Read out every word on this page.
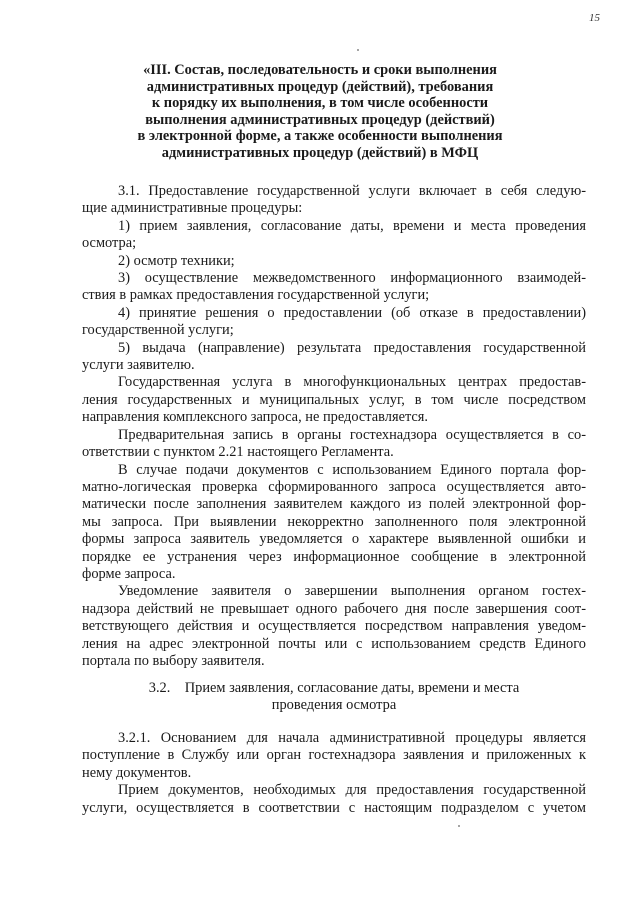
15
«III. Состав, последовательность и сроки выполнения
административных процедур (действий), требования
к порядку их выполнения, в том числе особенности
выполнения административных процедур (действий)
в электронной форме, а также особенности выполнения
административных процедур (действий) в МФЦ
3.1. Предоставление государственной услуги включает в себя следую-
щие административные процедуры:
1) прием заявления, согласование даты, времени и места проведения
осмотра;
2) осмотр техники;
3) осуществление межведомственного информационного взаимодей-
ствия в рамках предоставления государственной услуги;
4) принятие решения о предоставлении (об отказе в предоставлении)
государственной услуги;
5) выдача (направление) результата предоставления государственной
услуги заявителю.
Государственная услуга в многофункциональных центрах предостав-
ления государственных и муниципальных услуг, в том числе посредством
направления комплексного запроса, не предоставляется.
Предварительная запись в органы гостехнадзора осуществляется в со-
ответствии с пунктом 2.21 настоящего Регламента.
В случае подачи документов с использованием Единого портала фор-
матно-логическая проверка сформированного запроса осуществляется авто-
матически после заполнения заявителем каждого из полей электронной фор-
мы запроса. При выявлении некорректно заполненного поля электронной
формы запроса заявитель уведомляется о характере выявленной ошибки и
порядке ее устранения через информационное сообщение в электронной
форме запроса.
Уведомление заявителя о завершении выполнения органом гостех-
надзора действий не превышает одного рабочего дня после завершения соот-
ветствующего действия и осуществляется посредством направления уведом-
ления на адрес электронной почты или с использованием средств Единого
портала по выбору заявителя.
3.2.    Прием заявления, согласование даты, времени и места
проведения осмотра
3.2.1. Основанием для начала административной процедуры является
поступление в Службу или орган гостехнадзора заявления и приложенных к
нему документов.
Прием документов, необходимых для предоставления государственной
услуги, осуществляется в соответствии с настоящим подразделом с учетом
